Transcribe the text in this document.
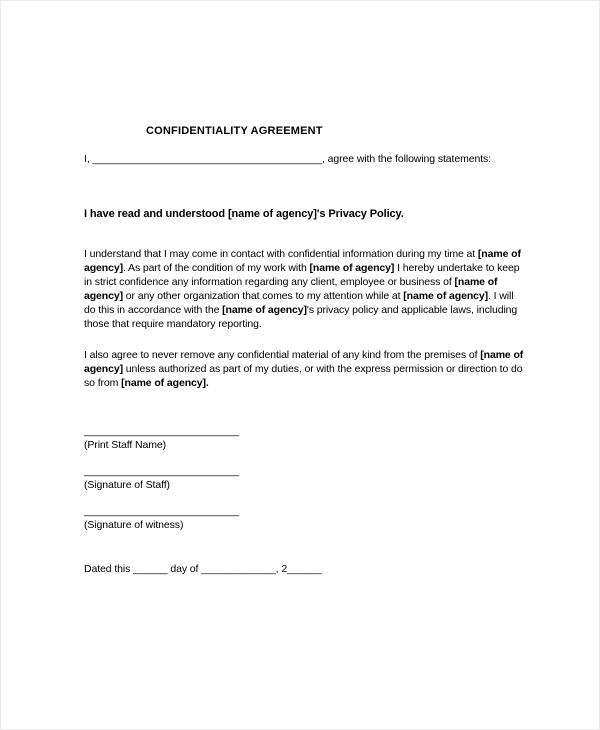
CONFIDENTIALITY AGREEMENT

I, ________________________________________, agree with the following statements:

I have read and understood [name of agency]'s Privacy Policy.

I understand that I may come in contact with confidential information during my time at [name of agency]. As part of the condition of my work with [name of agency] I hereby undertake to keep in strict confidence any information regarding any client, employee or business of [name of agency] or any other organization that comes to my attention while at [name of agency]. I will do this in accordance with the [name of agency]'s privacy policy and applicable laws, including those that require mandatory reporting.

I also agree to never remove any confidential material of any kind from the premises of [name of agency] unless authorized as part of my duties, or with the express permission or direction to do so from [name of agency].

___________________________

(Print Staff Name)

___________________________

(Signature of Staff)

___________________________

(Signature of witness)

Dated this ______ day of _____________, 2______
